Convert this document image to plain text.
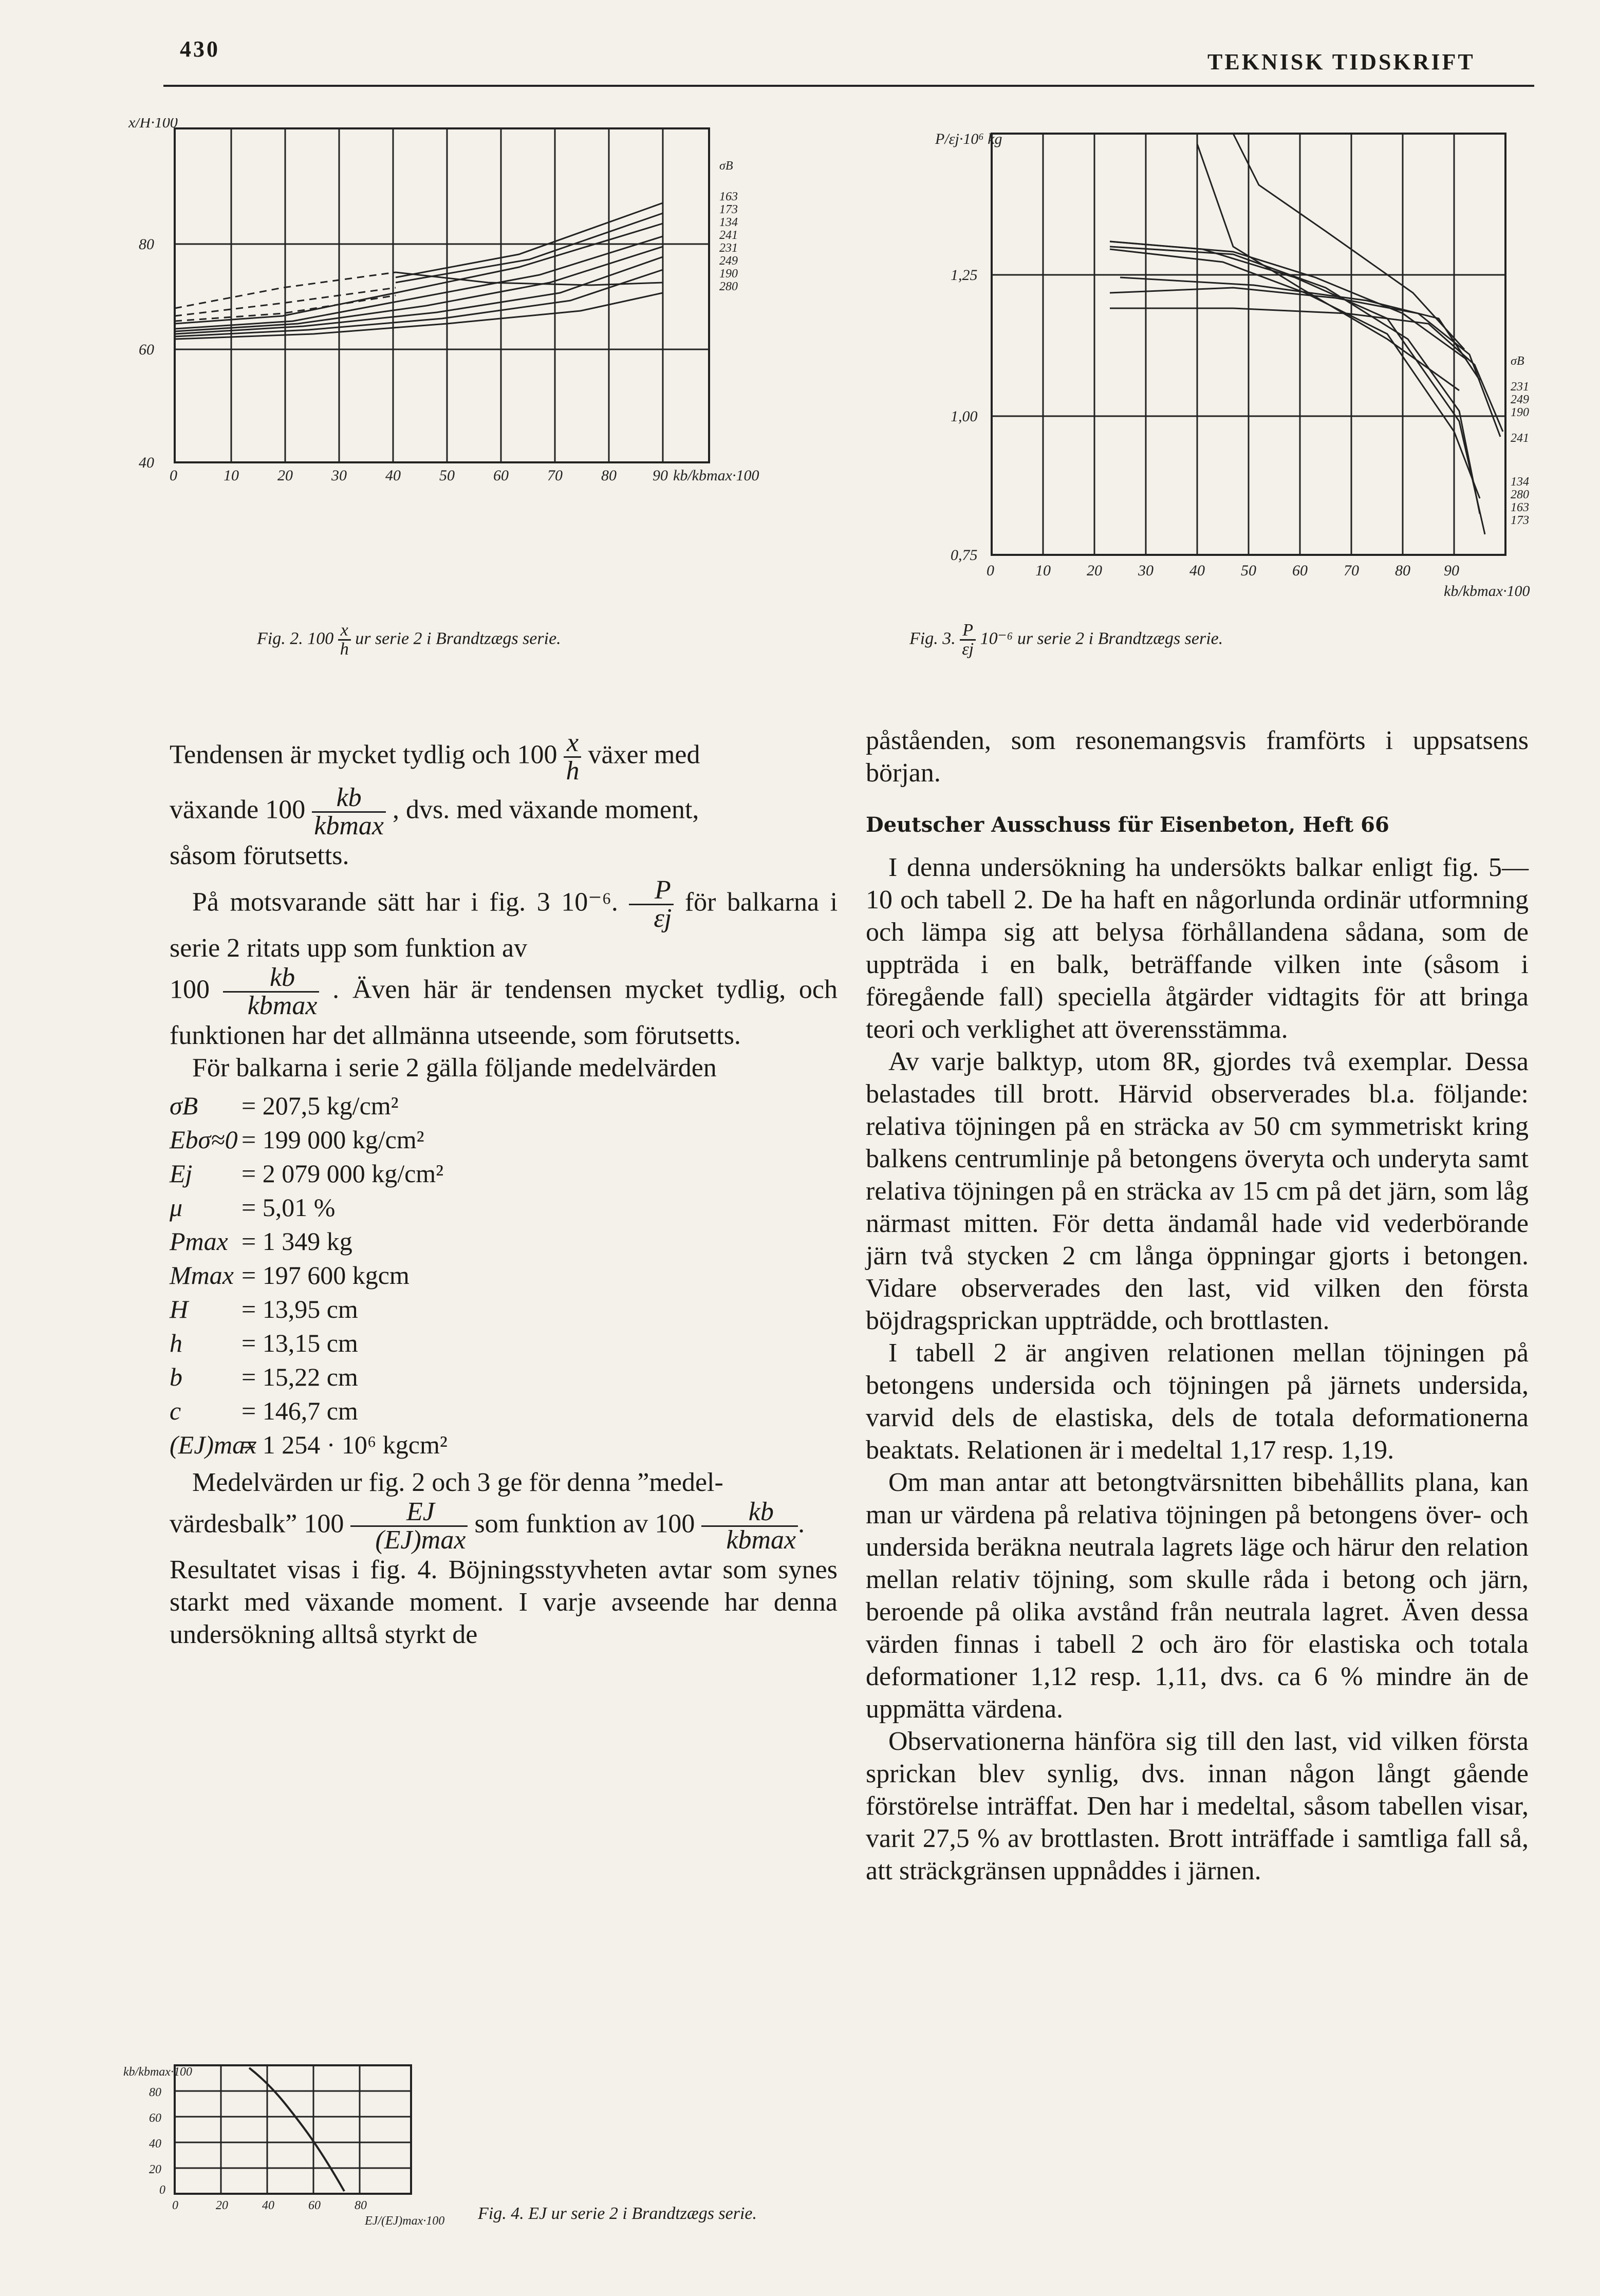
430
TEKNISK TIDSKRIFT
x/H·100
80
60
40
0	10	20	30	40	50	60	70	80 90 kb/kbmax·100
σB
163
173
134
241
231
249
190
280
Fig. 2. $100 \frac{x}{h}$ ur serie 2 i Brandtzægs serie.
P/εj·10⁶ kg
1,25
1,00
0,75
0	10 20 30 40 50 60 70 80 90
kb/kbmax·100
σB
231
249
190
241
134
280
163
173
Fig. 3. $\frac{P}{\varepsilon j} 10^{-6}$ ur serie 2 i Brandtzægs serie.

Tendensen är mycket tydlig och $100 \frac{x}{h}$ växer med
växande $100 \frac{kb}{kbmax}$ , dvs. med växande moment,
såsom förutsetts.

På motsvarande sätt har i fig. 3 10⁻⁶. $\frac{P}{\varepsilon j}$ för balkarna i serie 2 ritats upp som funktion av
$100 \frac{kb}{kbmax}$ . Även här är tendensen mycket tydlig, och funktionen har det allmänna utseende, som förutsetts.

För balkarna i serie 2 gälla följande medelvärden

σB	= 207,5 kg/cm²
Ebσ≈0 = 199 000 kg/cm²
Ej	= 2 079 000 kg/cm²
μ	= 5,01 %
Pmax = 1 349 kg
Mmax = 197 600 kgcm
H	= 13,95 cm
h	= 13,15 cm
b	= 15,22 cm
c	= 146,7 cm
(EJ)max
= 1 254 · 10⁶ kgcm²

Medelvärden ur fig. 2 och 3 ge för denna ”medel-
värdesbalk” $100 \frac{EJ}{(EJ)\max}$ som funktion av $100 \frac{kb}{kbmax}$ .

Resultatet visas i fig. 4. Böjningsstyvheten avtar som synes starkt med växande moment. I varje avseende har denna undersökning alltså styrkt de

kb/kbmax·100
80
60
40
20
0
0	20	40	60	80
EJ/(EJ)max·100 Fig. 4. EJ ur serie 2 i Brandtzægs serie.

påståenden, som resonemangsvis framförts i uppsatsens början.

Deutscher Ausschuss für Eisenbeton, Heft 66

I denna undersökning ha undersökts balkar enligt fig. 5—10 och tabell 2. De ha haft en någorlunda ordinär utformning och lämpa sig att belysa förhållandena sådana, som de uppträda i en balk, beträffande vilken inte (såsom i föregående fall) speciella åtgärder vidtagits för att bringa teori och verklighet att överensstämma.

Av varje balktyp, utom 8R, gjordes två exemplar. Dessa belastades till brott. Härvid observerades bl.a. följande: relativa töjningen på en sträcka av 50 cm symmetriskt kring balkens centrumlinje på betongens överyta och underyta samt relativa töjningen på en sträcka av 15 cm på det järn, som låg närmast mitten. För detta ändamål hade vid vederbörande järn två stycken 2 cm långa öppningar gjorts i betongen. Vidare observerades den last, vid vilken den första böjdragsprickan uppträdde, och brottlasten.

I tabell 2 är angiven relationen mellan töjningen på betongens undersida och töjningen på järnets undersida, varvid dels de elastiska, dels de totala deformationerna beaktats. Relationen är i medeltal 1,17 resp. 1,19.

Om man antar att betongtvärsnitten bibehållits plana, kan man ur värdena på relativa töjningen på betongens över- och undersida beräkna neutrala lagrets läge och härur den relation mellan relativ töjning, som skulle råda i betong och järn, beroende på olika avstånd från neutrala lagret. Även dessa värden finnas i tabell 2 och äro för elastiska och totala deformationer 1,12 resp. 1,11, dvs. ca 6 % mindre än de uppmätta värdena.

Observationerna hänföra sig till den last, vid vilken första sprickan blev synlig, dvs. innan någon långt gående förstörelse inträffat. Den har i medeltal, såsom tabellen visar, varit 27,5 % av brottlasten. Brott inträffade i samtliga fall så, att sträckgränsen uppnåddes i järnen.
